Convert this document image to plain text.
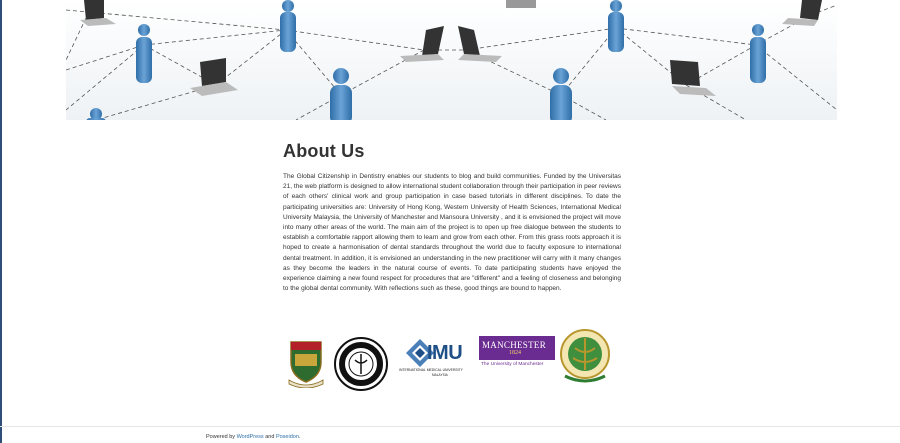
About Us

The Global Citizenship in Dentistry enables our students to blog and build communities. Funded by the Universitas 21, the web platform is designed to allow international student collaboration through their participation in peer reviews of each others' clinical work and group participation in case based tutorials in different disciplines. To date the participating universities are: University of Hong Kong, Western University of Health Sciences, International Medical University Malaysia, the University of Manchester and Mansoura University , and it is envisioned the project will move into many other areas of the world. The main aim of the project is to open up free dialogue between the students to establish a comfortable rapport allowing them to learn and grow from each other. From this grass roots approach it is hoped to create a harmonisation of dental standards throughout the world due to faculty exposure to international dental treatment. In addition, it is envisioned an understanding in the new practitioner will carry with it many changes as they become the leaders in the natural course of events. To date participating students have enjoyed the experience claiming a new found respect for procedures that are "different" and a feeling of closeness and belonging to the global dental community. With reflections such as these, good things are bound to happen.

IMU
INTERNATIONAL MEDICAL UNIVERSITY
MALAYSIA
MANCHESTER
1824
The University of Manchester
Powered by WordPress and Poseidon.
